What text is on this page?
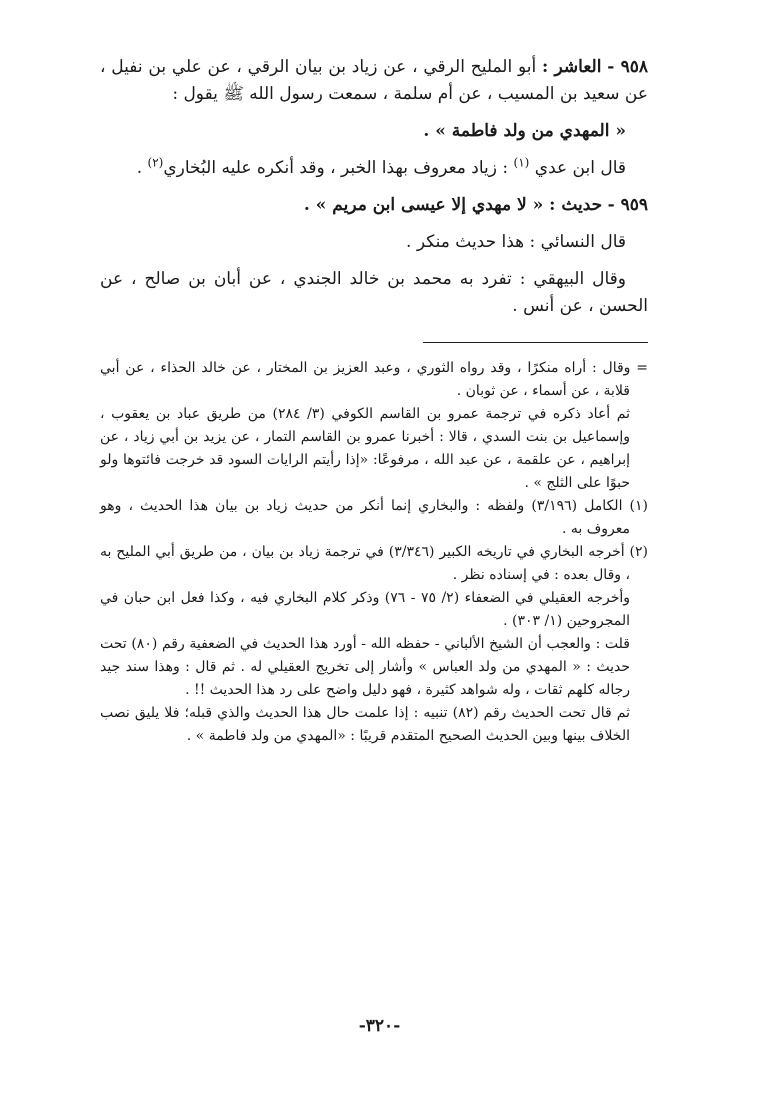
٩٥٨ - العاشر : أبو المليح الرقي ، عن زياد بن بيان الرقي ، عن علي بن نفيل ، عن سعيد بن المسيب ، عن أم سلمة ، سمعت رسول الله ﷺ يقول :

« المهدي من ولد فاطمة » .

قال ابن عدي $^{(١)}$ : زياد معروف بهذا الخبر ، وقد أنكره عليه البُخاري$^{(٢)}$ .

٩٥٩ - حديث : « لا مهدي إلا عيسى ابن مريم » .

قال النسائي : هذا حديث منكر .

وقال البيهقي : تفرد به محمد بن خالد الجندي ، عن أبان بن صالح ، عن الحسن ، عن أنس .

= وقال : أراه منكرًا ، وقد رواه الثوري ، وعبد العزيز بن المختار ، عن خالد الحذاء ، عن أبي قلابة ، عن أسماء ، عن ثوبان .

ثم أعاد ذكره في ترجمة عمرو بن القاسم الكوفي (٣/ ٢٨٤) من طريق عباد بن يعقوب ، وإسماعيل بن بنت السدي ، قالا : أخبرنا عمرو بن القاسم التمار ، عن يزيد بن أبي زياد ، عن إبراهيم ، عن علقمة ، عن عبد الله ، مرفوعًا: «إذا رأيتم الرايات السود قد خرجت فائتوها ولو حبوًا على الثلج » .

(١) الكامل (٣/١٩٦) ولفظه : والبخاري إنما أنكر من حديث زياد بن بيان هذا الحديث ، وهو معروف به .

(٢) أخرجه البخاري في تاريخه الكبير (٣/٣٤٦) في ترجمة زياد بن بيان ، من طريق أبي المليح به ، وقال بعده : في إسناده نظر .

وأخرجه العقيلي في الضعفاء (٢/ ٧٥ - ٧٦) وذكر كلام البخاري فيه ، وكذا فعل ابن حبان في المجروحين (١/ ٣٠٣) .

قلت : والعجب أن الشيخ الألباني - حفظه الله - أورد هذا الحديث في الضعفية رقم (٨٠) تحت حديث : « المهدي من ولد العباس » وأشار إلى تخريج العقيلي له . ثم قال : وهذا سند جيد رجاله كلهم ثقات ، وله شواهد كثيرة ، فهو دليل واضح على رد هذا الحديث !! .

ثم قال تحت الحديث رقم (٨٢) تنبيه : إذا علمت حال هذا الحديث والذي قبله؛ فلا يليق نصب الخلاف بينها وبين الحديث الصحيح المتقدم قريبًا : «المهدي من ولد فاطمة » .

-٣٢٠-
